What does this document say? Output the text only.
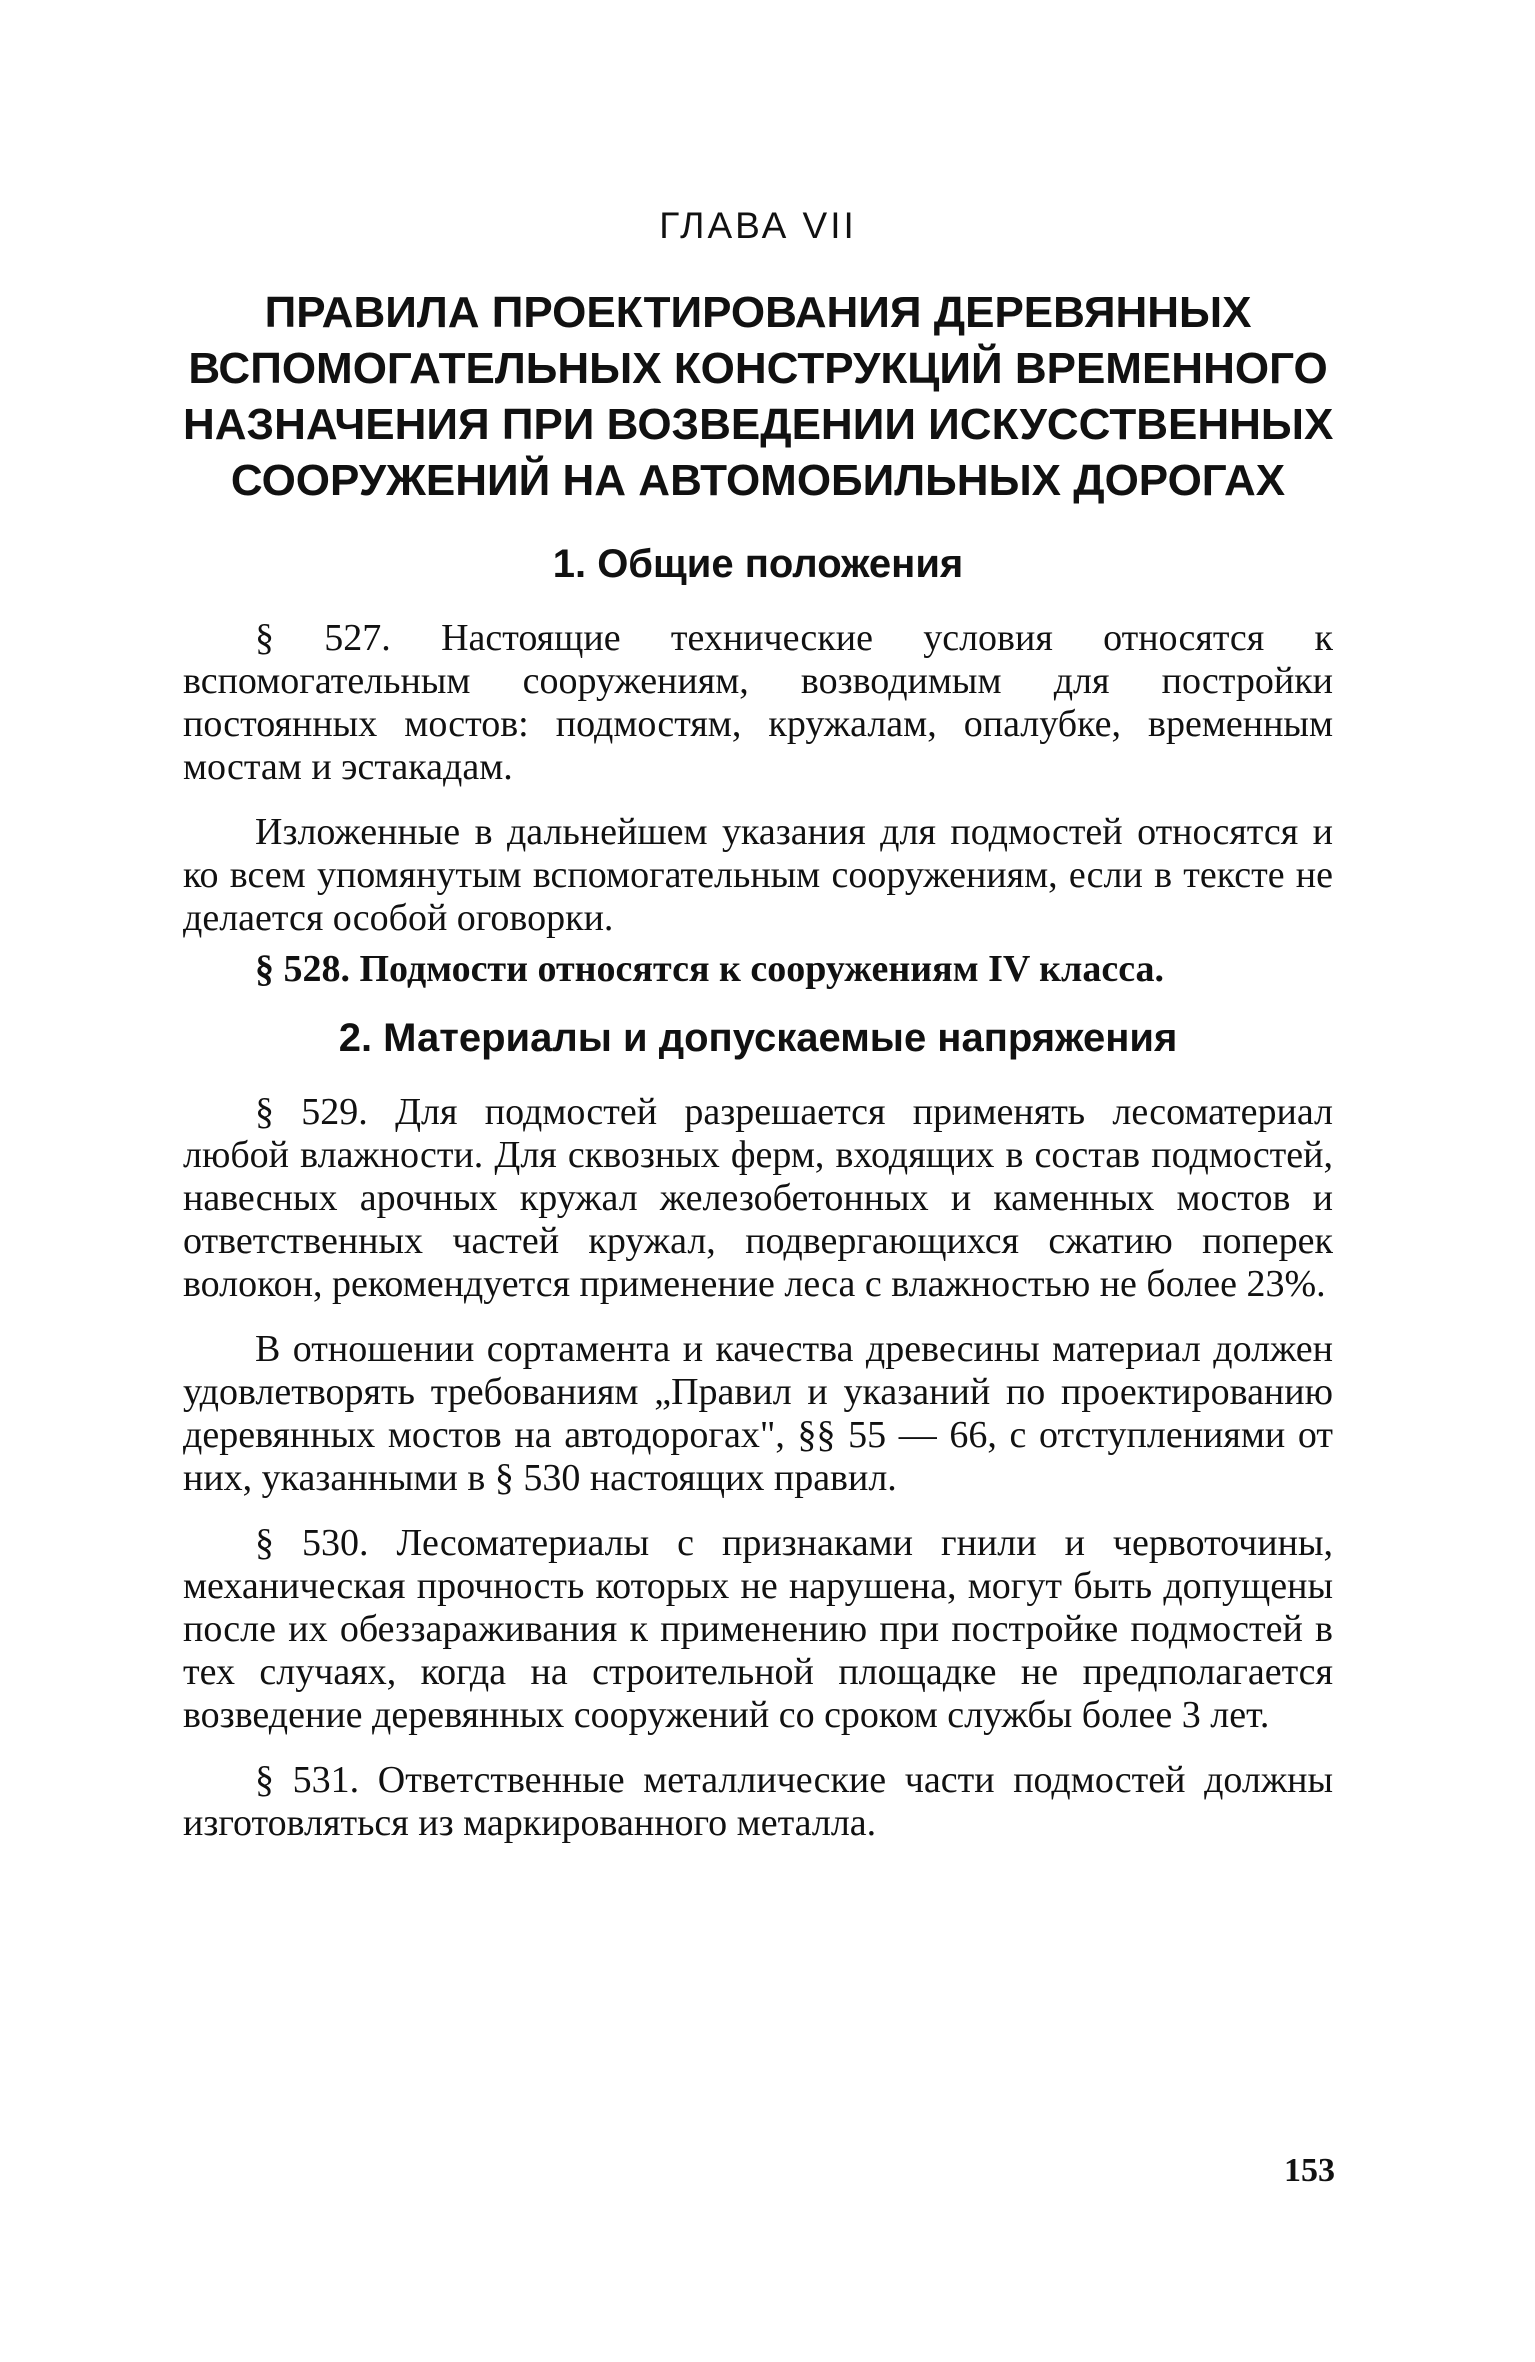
ГЛАВА VII
ПРАВИЛА ПРОЕКТИРОВАНИЯ ДЕРЕВЯННЫХ
ВСПОМОГАТЕЛЬНЫХ КОНСТРУКЦИЙ ВРЕМЕННОГО
НАЗНАЧЕНИЯ ПРИ ВОЗВЕДЕНИИ ИСКУССТВЕННЫХ
СООРУЖЕНИЙ НА АВТОМОБИЛЬНЫХ ДОРОГАХ
1. Общие положения

§ 527. Настоящие технические условия относятся к вспомогательным сооружениям, возводимым для постройки постоянных мостов: подмостям, кружалам, опалубке, временным мостам и эстакадам.

Изложенные в дальнейшем указания для подмостей относятся и ко всем упомянутым вспомогательным сооружениям, если в тексте не делается особой оговорки.

§ 528. Подмости относятся к сооружениям IV класса.

2. Материалы и допускаемые напряжения

§ 529. Для подмостей разрешается применять лесоматериал любой влажности. Для сквозных ферм, входящих в состав подмостей, навесных арочных кружал железобетонных и каменных мостов и ответственных частей кружал, подвергающихся сжатию поперек волокон, рекомендуется применение леса с влажностью не более 23%.

В отношении сортамента и качества древесины материал должен удовлетворять требованиям „Правил и указаний по проектированию деревянных мостов на автодорогах", §§ 55 — 66, с отступлениями от них, указанными в § 530 настоящих правил.

§ 530. Лесоматериалы с признаками гнили и червоточины, механическая прочность которых не нарушена, могут быть допущены после их обеззараживания к применению при постройке подмостей в тех случаях, когда на строительной площадке не предполагается возведение деревянных сооружений со сроком службы более 3 лет.

§ 531. Ответственные металлические части подмостей должны изготовляться из маркированного металла.

153
